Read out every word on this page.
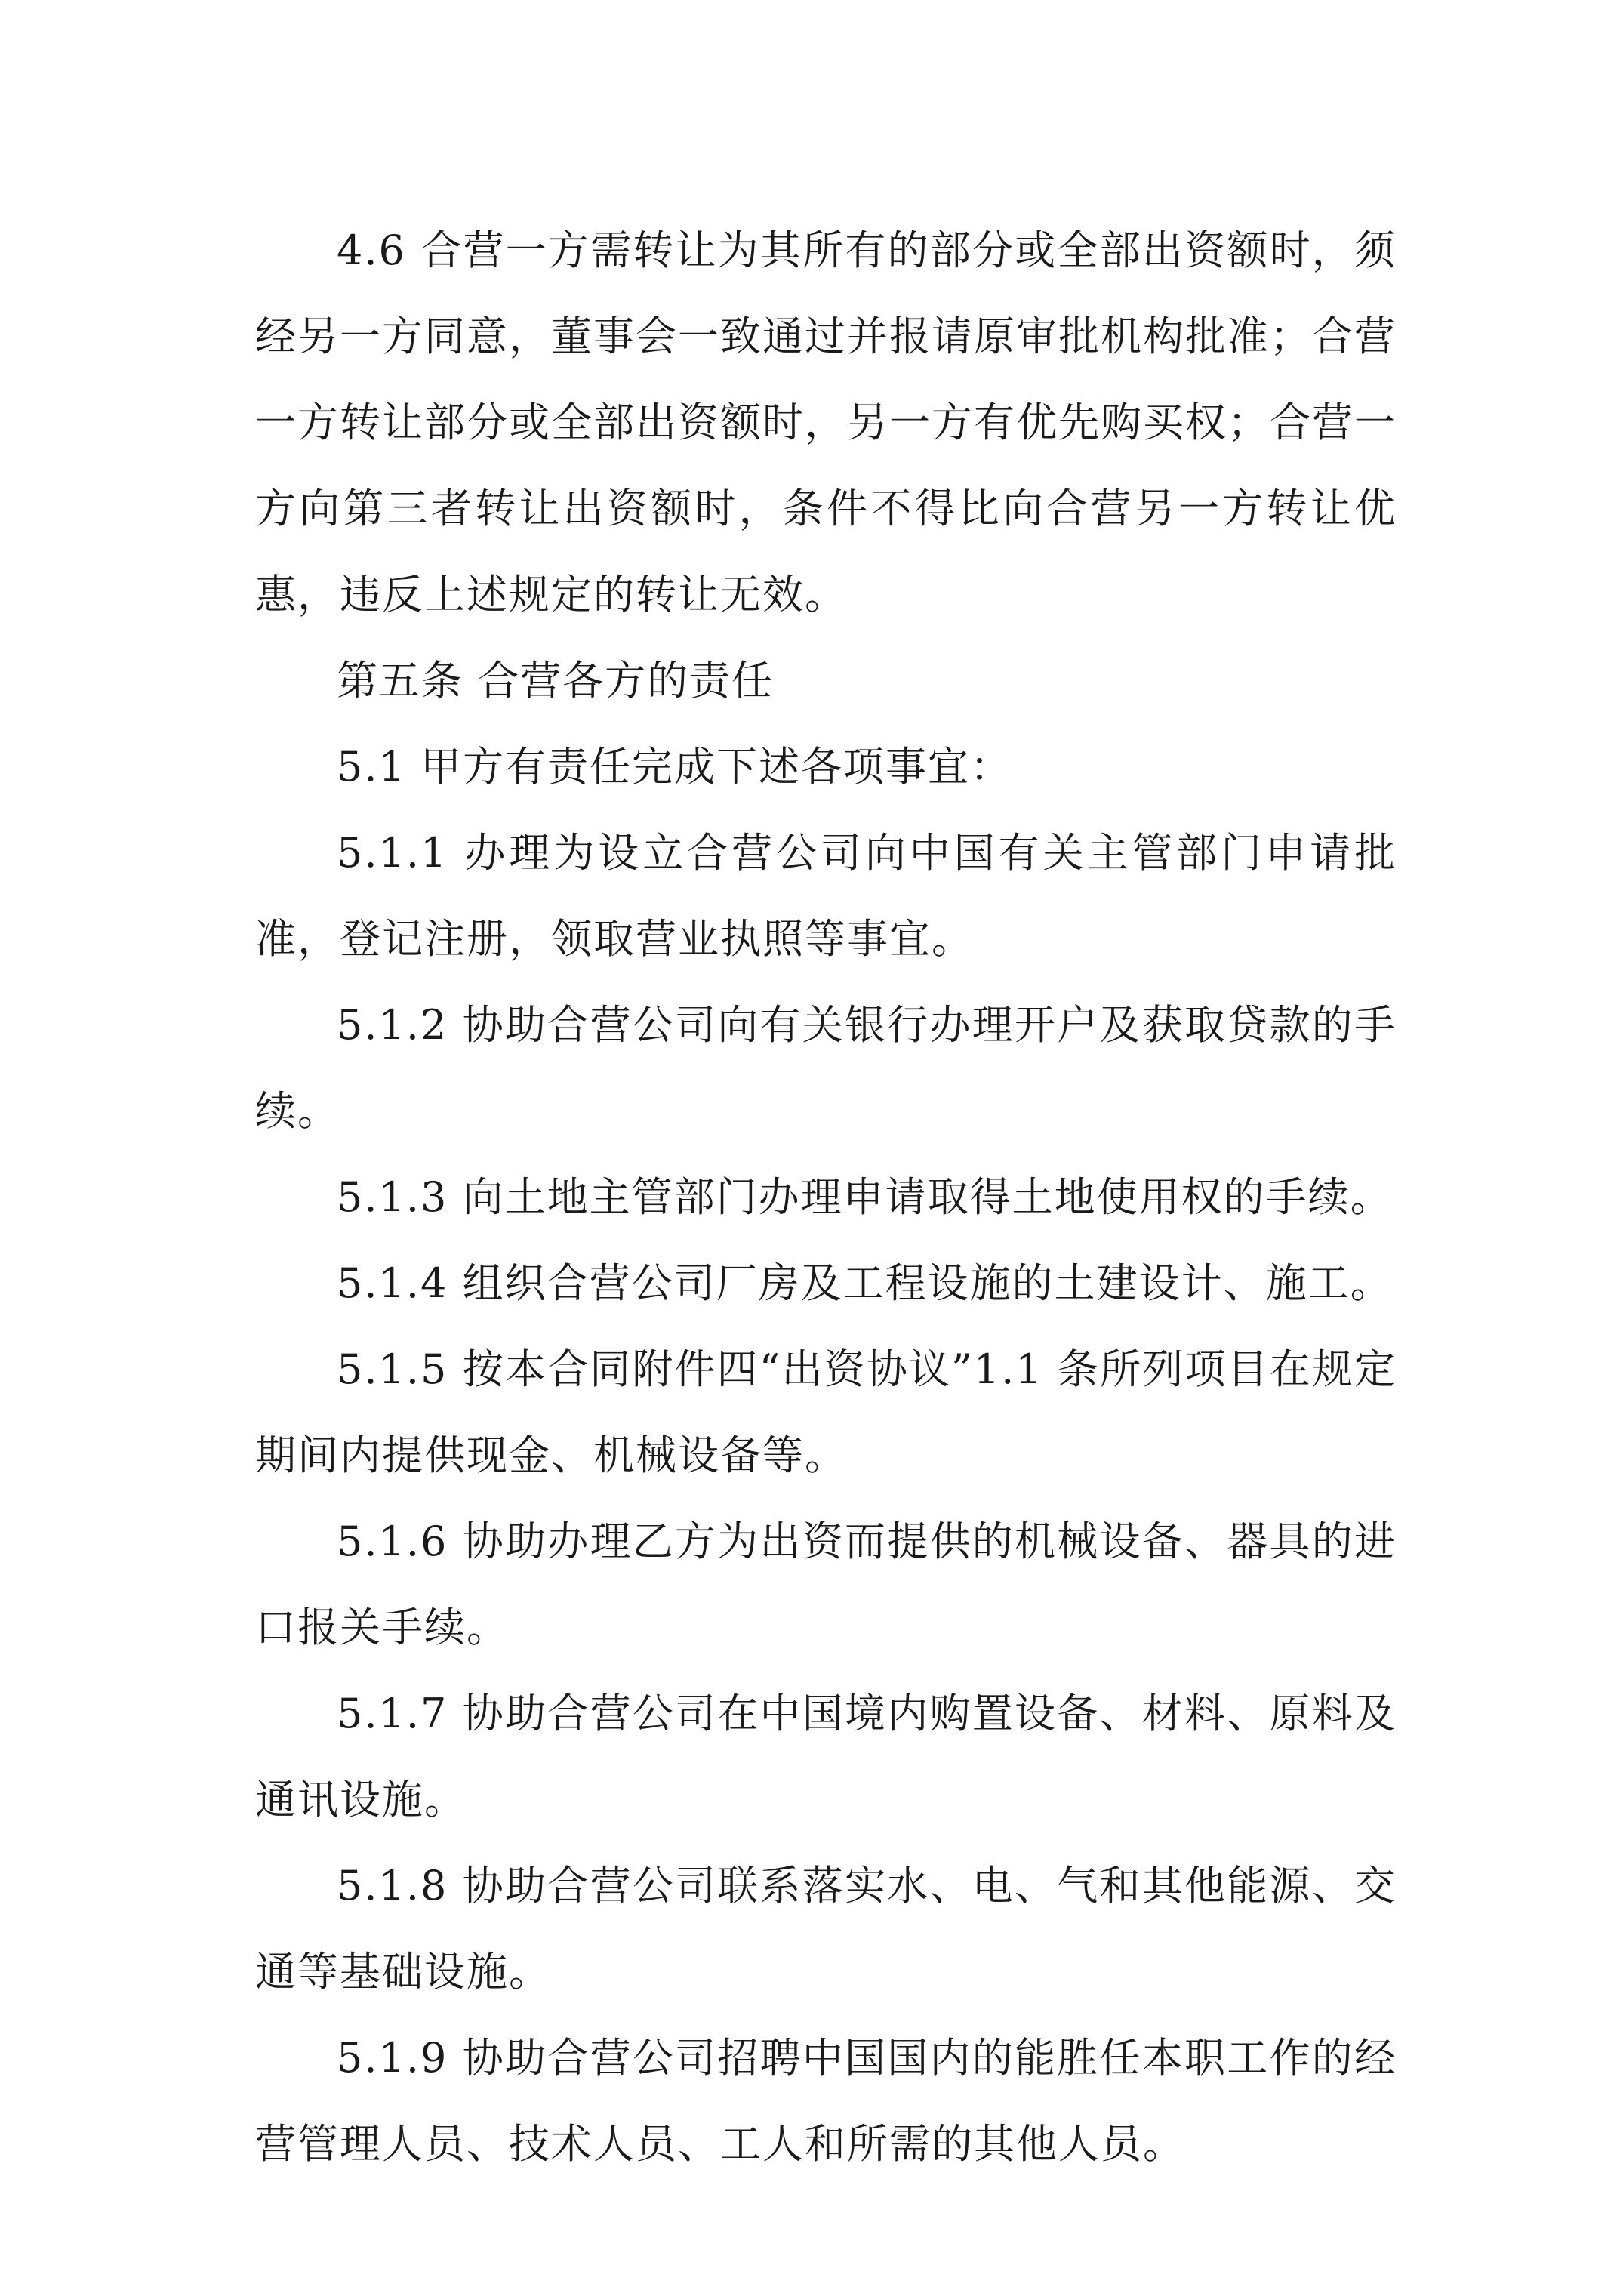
4.6 合营一方需转让为其所有的部分或全部出资额时，须经另一方同意，董事会一致通过并报请原审批机构批准；合营一方转让部分或全部出资额时，另一方有优先购买权；合营一方向第三者转让出资额时，条件不得比向合营另一方转让优惠，违反上述规定的转让无效。

第五条 合营各方的责任

5.1 甲方有责任完成下述各项事宜：

5.1.1 办理为设立合营公司向中国有关主管部门申请批准，登记注册，领取营业执照等事宜。

5.1.2 协助合营公司向有关银行办理开户及获取贷款的手续。

5.1.3 向土地主管部门办理申请取得土地使用权的手续。

5.1.4 组织合营公司厂房及工程设施的土建设计、施工。

5.1.5 按本合同附件四“出资协议”1.1 条所列项目在规定期间内提供现金、机械设备等。

5.1.6 协助办理乙方为出资而提供的机械设备、器具的进口报关手续。

5.1.7 协助合营公司在中国境内购置设备、材料、原料及通讯设施。

5.1.8 协助合营公司联系落实水、电、气和其他能源、交通等基础设施。

5.1.9 协助合营公司招聘中国国内的能胜任本职工作的经营管理人员、技术人员、工人和所需的其他人员。
